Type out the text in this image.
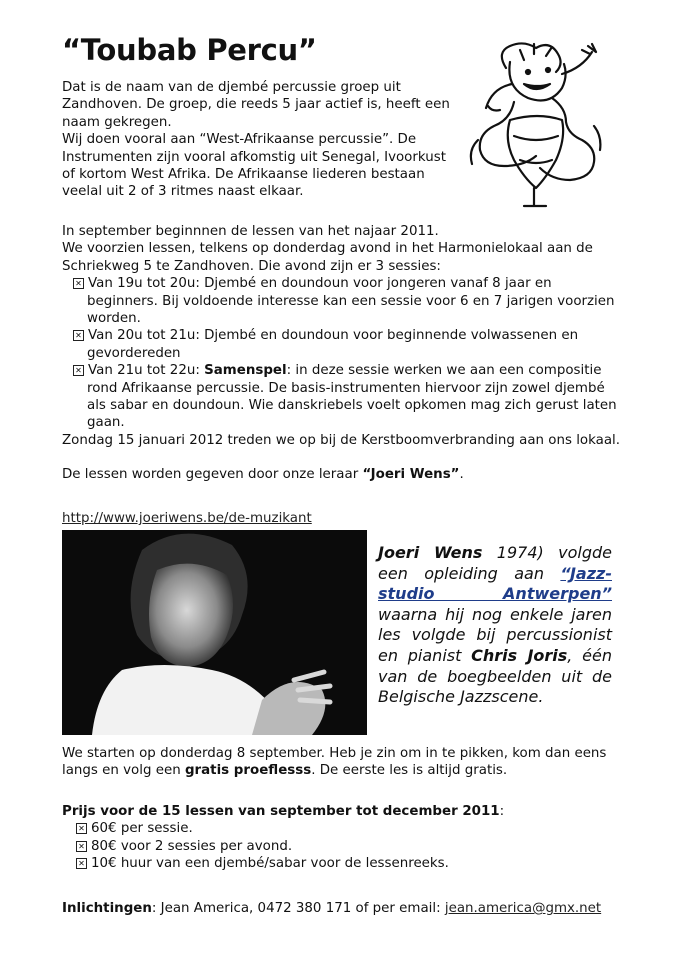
“Toubab Percu”

Dat is de naam van de djembé percussie groep uit Zandhoven. De groep, die reeds 5 jaar actief is, heeft een naam gekregen.

Wij doen vooral aan “West-Afrikaanse percussie”. De Instrumenten zijn vooral afkomstig uit Senegal, Ivoorkust of kortom West Afrika. De Afrikaanse liederen bestaan veelal uit 2 of 3 ritmes naast elkaar.

In september beginnnen de lessen van het najaar 2011.

We voorzien lessen, telkens op donderdag avond in het Harmonielokaal aan de Schriekweg 5 te Zandhoven. Die avond zijn er 3 sessies:

✕ Van 19u tot 20u: Djembé en doundoun voor jongeren vanaf 8 jaar en beginners. Bij voldoende interesse kan een sessie voor 6 en 7 jarigen voorzien worden.

✕ Van 20u tot 21u: Djembé en doundoun voor beginnende volwassenen en gevordereden

✕ Van 21u tot 22u: Samenspel: in deze sessie werken we aan een compositie rond Afrikaanse percussie. De basis-instrumenten hiervoor zijn zowel djembé als sabar en doundoun. Wie danskriebels voelt opkomen mag zich gerust laten gaan.

Zondag 15 januari 2012 treden we op bij de Kerstboomverbranding aan ons lokaal.

De lessen worden gegeven door onze leraar “Joeri Wens”.

http://www.joeriwens.be/de-muzikant
Joeri Wens 1974) volgde een opleiding aan “Jazz-studio Antwerpen” waarna hij nog enkele jaren les volgde bij percussionist en pianist Chris Joris, één van de boegbeelden uit de Belgische Jazzscene.

We starten op donderdag 8 september. Heb je zin om in te pikken, kom dan eens langs en volg een gratis proeflesss. De eerste les is altijd gratis.

Prijs voor de 15 lessen van september tot december 2011:

✕ 60€ per sessie.

✕ 80€ voor 2 sessies per avond.

✕ 10€ huur van een djembé/sabar voor de lessenreeks.

Inlichtingen: Jean America, 0472 380 171 of per email: jean.america@gmx.net
